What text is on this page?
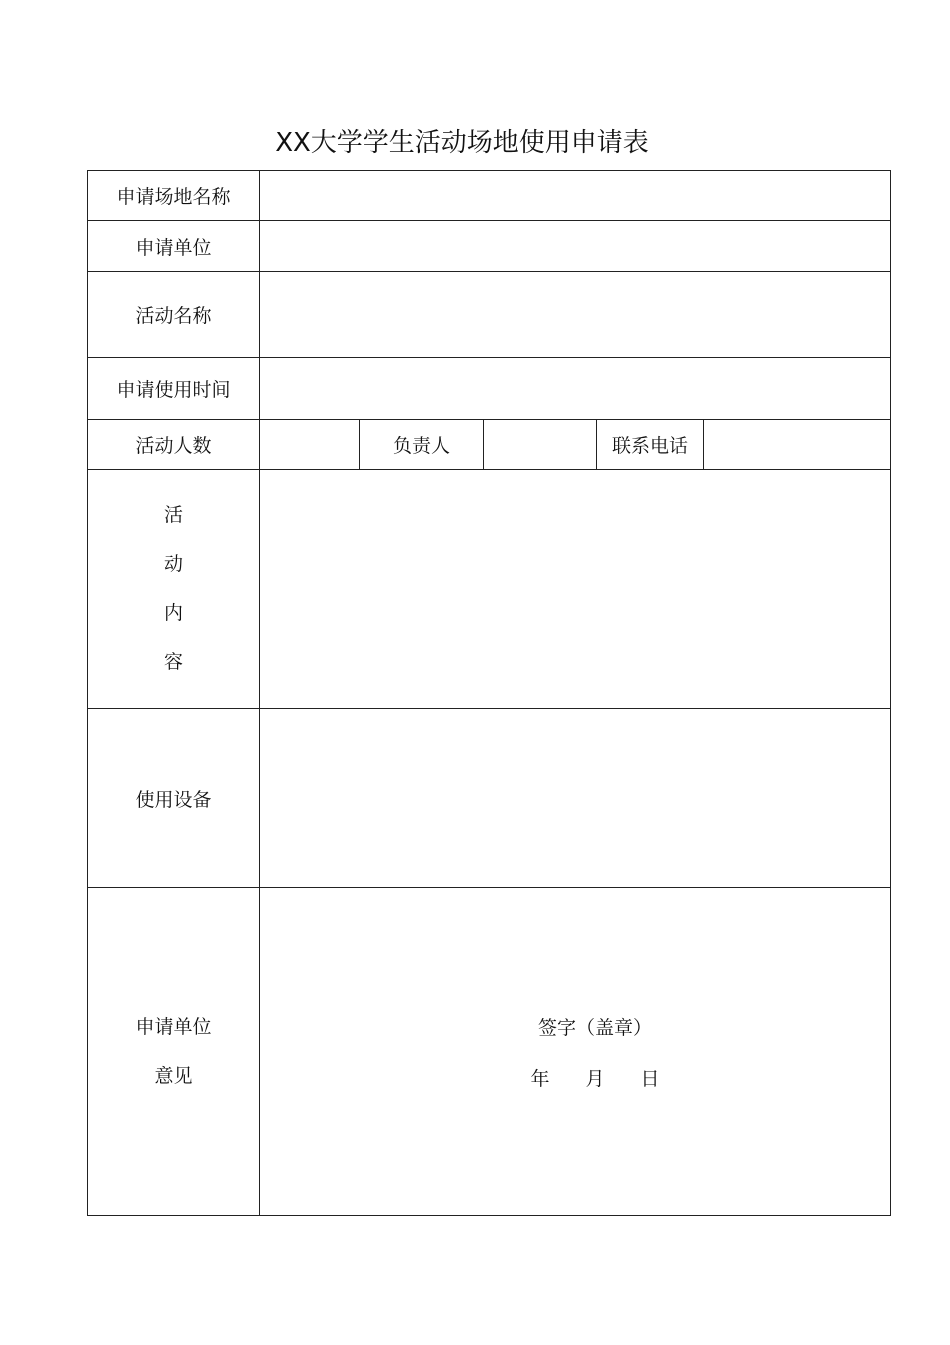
XX大学学生活动场地使用申请表
申请场地名称					
申请单位					
活动名称					
申请使用时间					
活动人数		负责人		联系电话	

活
动
内
容					

使用设备					

申请单位
意见	签字（盖章）
年 月 日				
